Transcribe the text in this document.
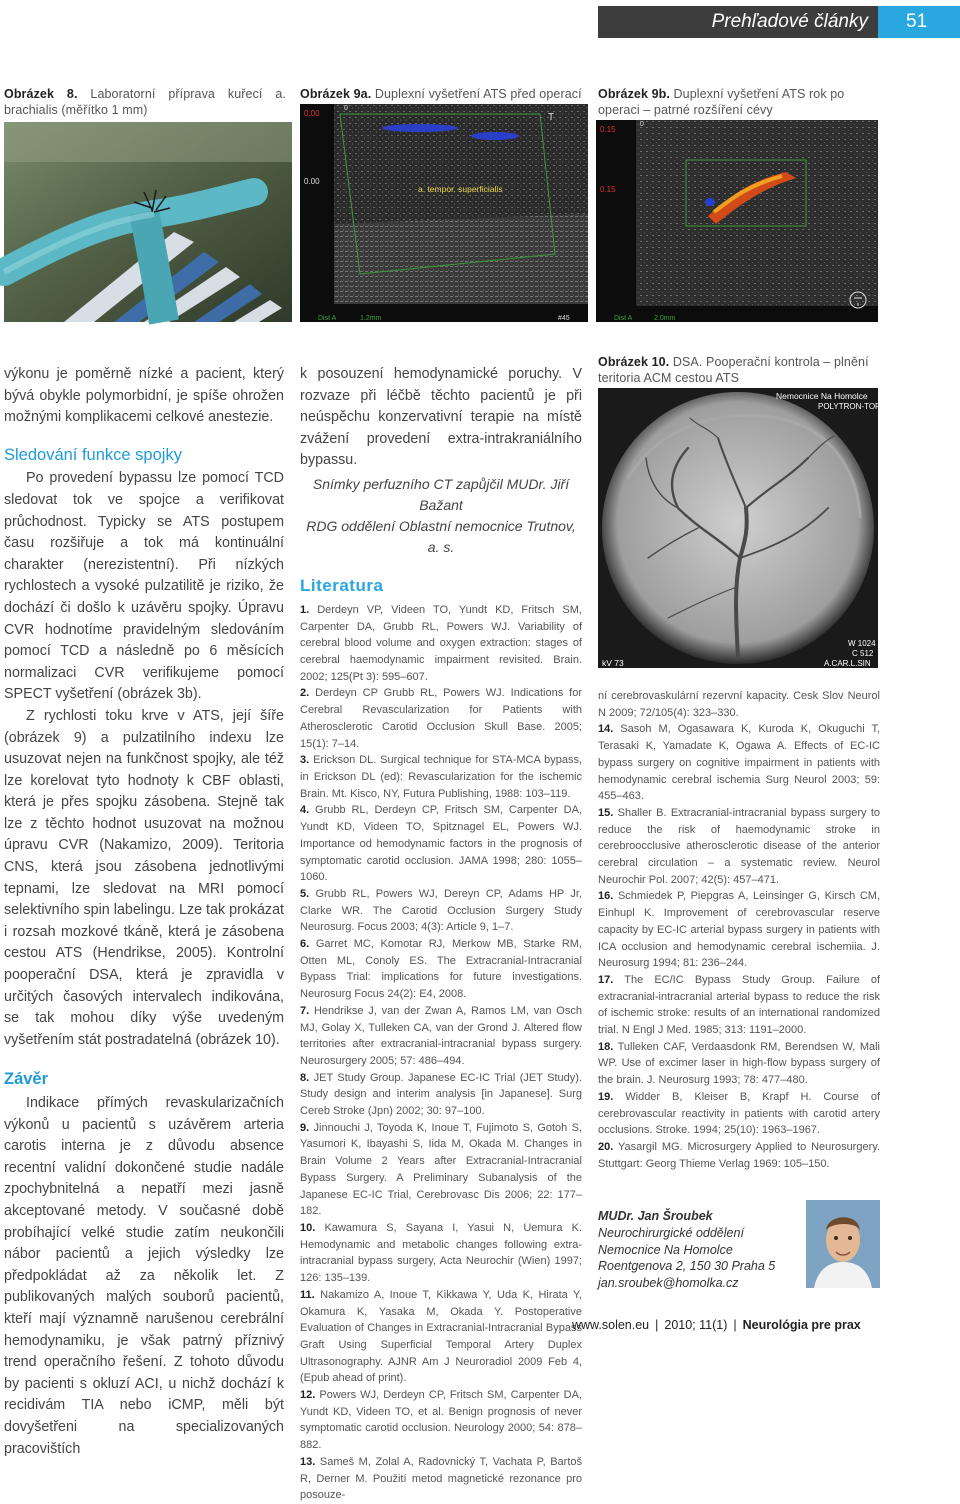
Prehľadové články	51
Obrázek 8. Laboratorní příprava kuřecí a. brachialis (měřítko 1 mm)
Obrázek 9a. Duplexní vyšetření ATS před operací Obrázek 9b. Duplexní vyšetření ATS rok po operaci – patrné rozšíření cévy
0.00
0.00
0
a. tempor. superficialis
T
Dist A	1.2mm	#45
0.15
0.15
0
Dist A	2.0mm

výkonu je poměrně nízké a pacient, který bývá obykle polymorbidní, je spíše ohrožen možnými komplikacemi celkové anestezie.

Sledování funkce spojky

Po provedení bypassu lze pomocí TCD sledovat tok ve spojce a verifikovat průchodnost. Typicky se ATS postupem času rozšiřuje a tok má kontinuální charakter (nerezistentní). Při nízkých rychlostech a vysoké pulzatilitě je riziko, že dochází či došlo k uzávěru spojky. Úpravu CVR hodnotíme pravidelným sledováním pomocí TCD a následně po 6 měsících normalizaci CVR verifikujeme pomocí SPECT vyšetření (obrázek 3b).

Z rychlosti toku krve v ATS, její šíře (obrázek 9) a pulzatilního indexu lze usuzovat nejen na funkčnost spojky, ale též lze korelovat tyto hodnoty k CBF oblasti, která je přes spojku zásobena. Stejně tak lze z těchto hodnot usuzovat na možnou úpravu CVR (Nakamizo, 2009). Teritoria CNS, která jsou zásobena jednotlivými tepnami, lze sledovat na MRI pomocí selektivního spin labelingu. Lze tak prokázat i rozsah mozkové tkáně, která je zásobena cestou ATS (Hendrikse, 2005). Kontrolní pooperační DSA, která je zpravidla v určitých časových intervalech indikována, se tak mohou díky výše uvedeným vyšetřením stát postradatelná (obrázek 10).

Závěr

Indikace přímých revaskularizačních výkonů u pacientů s uzávěrem arteria carotis interna je z důvodu absence recentní validní dokončené studie nadále zpochybnitelná a nepatří mezi jasně akceptované metody. V současné době probíhající velké studie zatím neukončili nábor pacientů a jejich výsledky lze předpokládat až za několik let. Z publikovaných malých souborů pacientů, kteří mají významně narušenou cerebrální hemodynamiku, je však patrný příznivý trend operačního řešení. Z tohoto důvodu by pacienti s okluzí ACI, u nichž dochází k recidivám TIA nebo iCMP, měli být dovyšetřeni na specializovaných pracovištích

k posouzení hemodynamické poruchy. V rozvaze při léčbě těchto pacientů je při neúspěchu konzervativní terapie na místě zvážení provedení extra-intrakraniálního bypassu.

Snímky perfuzního CT zapůjčil MUDr. Jiří Bažant

RDG oddělení Oblastní nemocnice Trutnov, a. s.

Literatura

1. Derdeyn VP, Videen TO, Yundt KD, Fritsch SM, Carpenter DA, Grubb RL, Powers WJ. Variability of cerebral blood volume and oxygen extraction: stages of cerebral haemodynamic impairment revisited. Brain. 2002; 125(Pt 3): 595–607.

2. Derdeyn CP Grubb RL, Powers WJ. Indications for Cerebral Revascularization for Patients with Atherosclerotic Carotid Occlusion Skull Base. 2005; 15(1): 7–14.

3. Erickson DL. Surgical technique for STA-MCA bypass, in Erickson DL (ed): Revascularization for the ischemic Brain. Mt. Kisco, NY, Futura Publishing, 1988: 103–119.

4. Grubb RL, Derdeyn CP, Fritsch SM, Carpenter DA, Yundt KD, Videen TO, Spitznagel EL, Powers WJ. Importance od hemodynamic factors in the prognosis of symptomatic carotid occlusion. JAMA 1998; 280: 1055–1060.

5. Grubb RL, Powers WJ, Dereyn CP, Adams HP Jr, Clarke WR. The Carotid Occlusion Surgery Study Neurosurg. Focus 2003; 4(3): Article 9, 1–7.

6. Garret MC, Komotar RJ, Merkow MB, Starke RM, Otten ML, Conoly ES. The Extracranial-Intracranial Bypass Trial: implications for future investigations. Neurosurg Focus 24(2): E4, 2008.

7. Hendrikse J, van der Zwan A, Ramos LM, van Osch MJ, Golay X, Tulleken CA, van der Grond J. Altered flow territories after extracranial-intracranial bypass surgery. Neurosurgery 2005; 57: 486–494.

8. JET Study Group. Japanese EC-IC Trial (JET Study). Study design and interim analysis [in Japanese]. Surg Cereb Stroke (Jpn) 2002; 30: 97–100.

9. Jinnouchi J, Toyoda K, Inoue T, Fujimoto S, Gotoh S, Yasumori K, Ibayashi S, Iida M, Okada M. Changes in Brain Volume 2 Years after Extracranial-Intracranial Bypass Surgery. A Preliminary Subanalysis of the Japanese EC-IC Trial, Cerebrovasc Dis 2006; 22: 177–182.

10. Kawamura S, Sayana I, Yasui N, Uemura K. Hemodynamic and metabolic changes following extra-intracranial bypass surgery, Acta Neurochir (Wien) 1997; 126: 135–139.

11. Nakamizo A, Inoue T, Kikkawa Y, Uda K, Hirata Y, Okamura K, Yasaka M, Okada Y. Postoperative Evaluation of Changes in Extracranial-Intracranial Bypass Graft Using Superficial Temporal Artery Duplex Ultrasonography. AJNR Am J Neuroradiol 2009 Feb 4, (Epub ahead of print).

12. Powers WJ, Derdeyn CP, Fritsch SM, Carpenter DA, Yundt KD, Videen TO, et al. Benign prognosis of never symptomatic carotid occlusion. Neurology 2000; 54: 878–882.

13. Sameš M, Zolal A, Radovnický T, Vachata P, Bartoš R, Derner M. Použití metod magnetické rezonance pro posouze-

Obrázek 10. DSA. Pooperační kontrola – plnění teritoria ACM cestou ATS
Nemocnice Na Homolce
POLYTRON-TOP
kV 73
W 1024
C 512
A.CAR.L.SIN

ní cerebrovaskulární rezervní kapacity. Cesk Slov Neurol N 2009; 72/105(4): 323–330.

14. Sasoh M, Ogasawara K, Kuroda K, Okuguchi T, Terasaki K, Yamadate K, Ogawa A. Effects of EC-IC bypass surgery on cognitive impairment in patients with hemodynamic cerebral ischemia Surg Neurol 2003; 59: 455–463.

15. Shaller B. Extracranial-intracranial bypass surgery to reduce the risk of haemodynamic stroke in cerebroocclusive atherosclerotic disease of the anterior cerebral circulation – a systematic review. Neurol Neurochir Pol. 2007; 42(5): 457–471.

16. Schmiedek P, Piepgras A, Leinsinger G, Kirsch CM, Einhupl K. Improvement of cerebrovascular reserve capacity by EC-IC arterial bypass surgery in patients with ICA occlusion and hemodynamic cerebral ischemiia. J. Neurosurg 1994; 81: 236–244.

17. The EC/IC Bypass Study Group. Failure of extracranial-intracranial arterial bypass to reduce the risk of ischemic stroke: results of an international randomized trial. N Engl J Med. 1985; 313: 1191–2000.

18. Tulleken CAF, Verdaasdonk RM, Berendsen W, Mali WP. Use of excimer laser in high-flow bypass surgery of the brain. J. Neurosurg 1993; 78: 477–480.

19. Widder B, Kleiser B, Krapf H. Course of cerebrovascular reactivity in patients with carotid artery occlusions. Stroke. 1994; 25(10): 1963–1967.

20. Yasargil MG. Microsurgery Applied to Neurosurgery. Stuttgart: Georg Thieme Verlag 1969: 105–150.

MUDr. Jan Šroubek
Neurochirurgické oddělení
Nemocnice Na Homolce
Roentgenova 2, 150 30 Praha 5
jan.sroubek@homolka.cz
www.solen.eu | 2010; 11(1) | Neurológia pre prax
